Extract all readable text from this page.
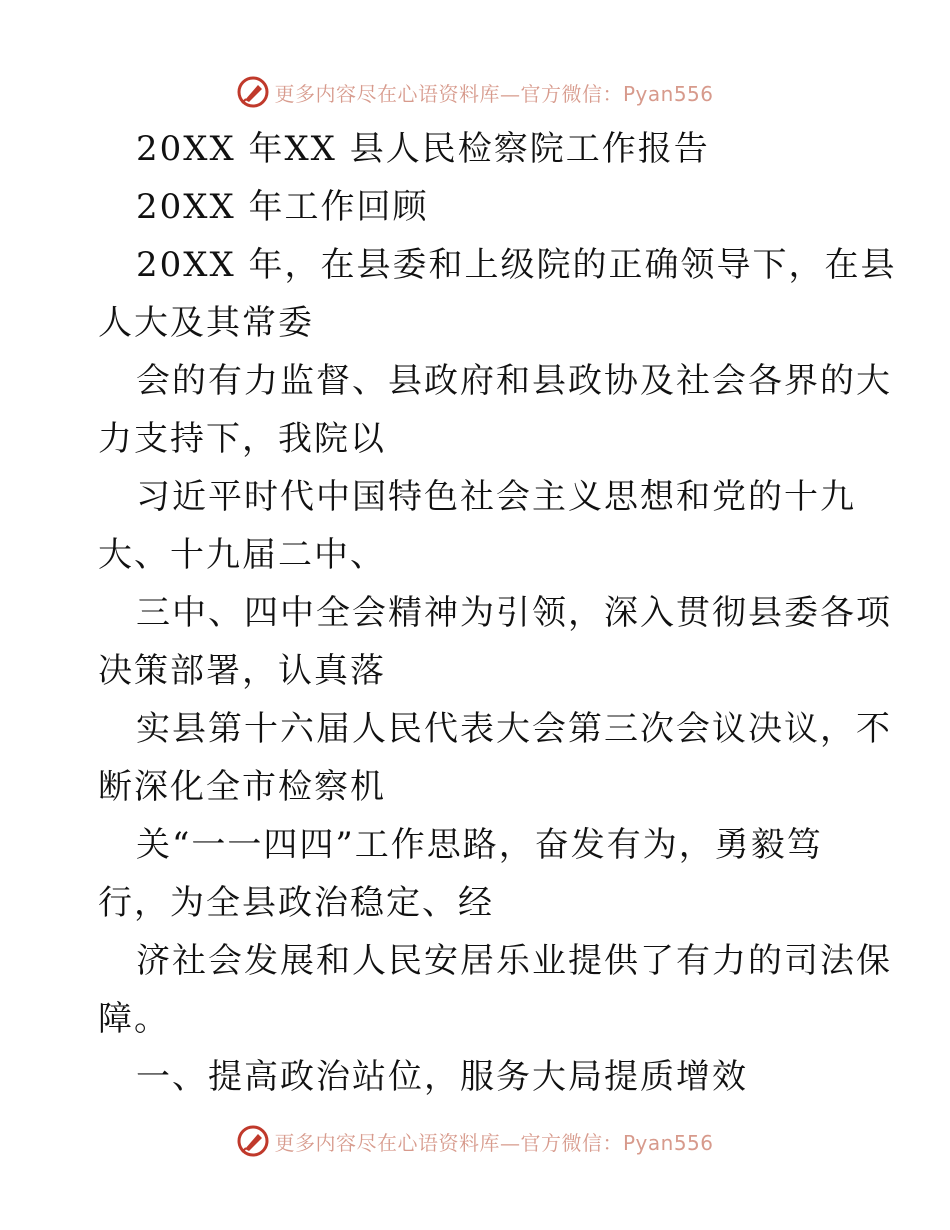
更多内容尽在心语资料库—官方微信：Pyan556
20XX 年XX 县人民检察院工作报告
20XX 年工作回顾
20XX 年，在县委和上级院的正确领导下，在县
人大及其常委
会的有力监督、县政府和县政协及社会各界的大
力支持下，我院以
习近平时代中国特色社会主义思想和党的十九
大、十九届二中、
三中、四中全会精神为引领，深入贯彻县委各项
决策部署，认真落
实县第十六届人民代表大会第三次会议决议，不
断深化全市检察机
关“一一四四”工作思路，奋发有为，勇毅笃
行，为全县政治稳定、经
济社会发展和人民安居乐业提供了有力的司法保
障。
一、提高政治站位，服务大局提质增效
更多内容尽在心语资料库—官方微信：Pyan556
